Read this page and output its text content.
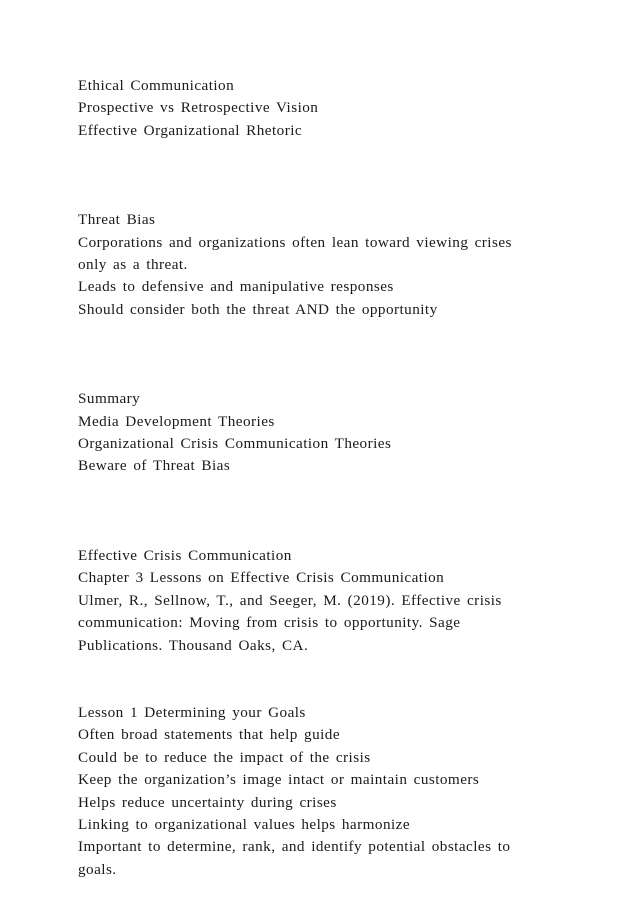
Ethical Communication
Prospective vs Retrospective Vision
Effective Organizational Rhetoric
Threat Bias
Corporations and organizations often lean toward viewing crises
only as a threat.
Leads to defensive and manipulative responses
Should consider both the threat AND the opportunity
Summary
Media Development Theories
Organizational Crisis Communication Theories
Beware of Threat Bias
Effective Crisis Communication
Chapter 3 Lessons on Effective Crisis Communication
Ulmer, R., Sellnow, T., and Seeger, M. (2019). Effective crisis
communication: Moving from crisis to opportunity. Sage
Publications. Thousand Oaks, CA.
Lesson 1 Determining your Goals
Often broad statements that help guide
Could be to reduce the impact of the crisis
Keep the organization’s image intact or maintain customers
Helps reduce uncertainty during crises
Linking to organizational values helps harmonize
Important to determine, rank, and identify potential obstacles to
goals.
